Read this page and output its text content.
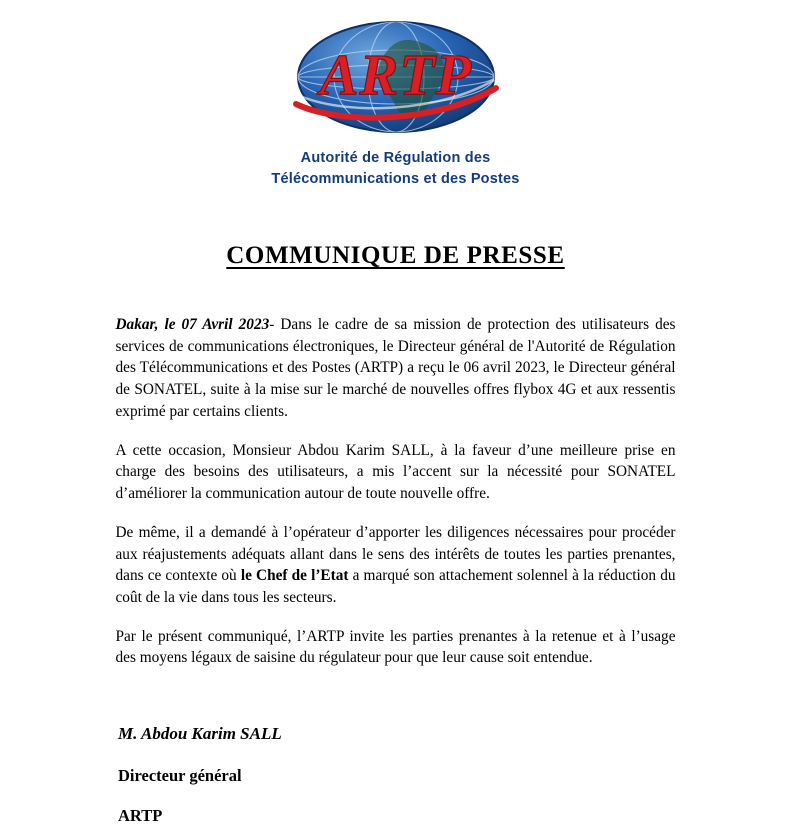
ARTP
Autorité de Régulation des
Télécommunications et des Postes
COMMUNIQUE DE PRESSE

Dakar, le 07 Avril 2023- Dans le cadre de sa mission de protection des utilisateurs des services de communications électroniques, le Directeur général de l'Autorité de Régulation des Télécommunications et des Postes (ARTP) a reçu le 06 avril 2023, le Directeur général de SONATEL, suite à la mise sur le marché de nouvelles offres flybox 4G et aux ressentis exprimé par certains clients.

A cette occasion, Monsieur Abdou Karim SALL, à la faveur d’une meilleure prise en charge des besoins des utilisateurs, a mis l’accent sur la nécessité pour SONATEL d’améliorer la communication autour de toute nouvelle offre.

De même, il a demandé à l’opérateur d’apporter les diligences nécessaires pour procéder aux réajustements adéquats allant dans le sens des intérêts de toutes les parties prenantes, dans ce contexte où le Chef de l’Etat a marqué son attachement solennel à la réduction du coût de la vie dans tous les secteurs.

Par le présent communiqué, l’ARTP invite les parties prenantes à la retenue et à l’usage des moyens légaux de saisine du régulateur pour que leur cause soit entendue.

M. Abdou Karim SALL
Directeur général
ARTP
